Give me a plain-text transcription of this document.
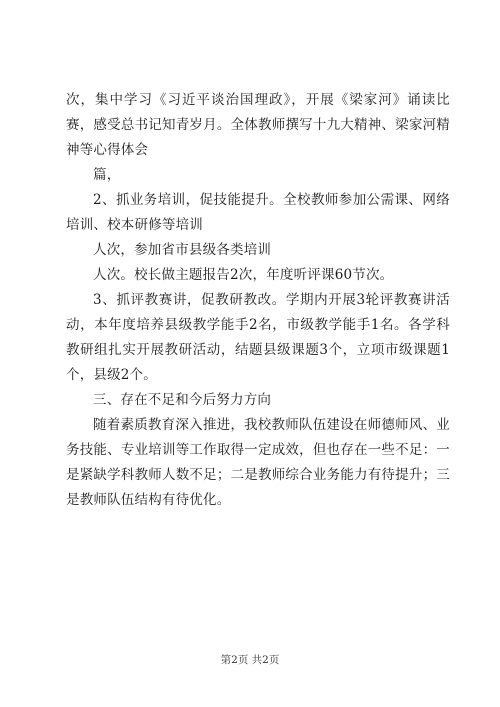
次，集中学习《习近平谈治国理政》，开展《梁家河》诵读比赛，感受总书记知青岁月。全体教师撰写十九大精神、梁家河精神等心得体会

篇，

2、抓业务培训，促技能提升。全校教师参加公需课、网络培训、校本研修等培训

人次，参加省市县级各类培训

人次。校长做主题报告2次，年度听评课60节次。

3、抓评教赛讲，促教研教改。学期内开展3轮评教赛讲活动，本年度培养县级教学能手2名，市级教学能手1名。各学科教研组扎实开展教研活动，结题县级课题3个，立项市级课题1个，县级2个。

三、存在不足和今后努力方向

随着素质教育深入推进，我校教师队伍建设在师德师风、业务技能、专业培训等工作取得一定成效，但也存在一些不足：一是紧缺学科教师人数不足；二是教师综合业务能力有待提升；三是教师队伍结构有待优化。

第2页 共2页
